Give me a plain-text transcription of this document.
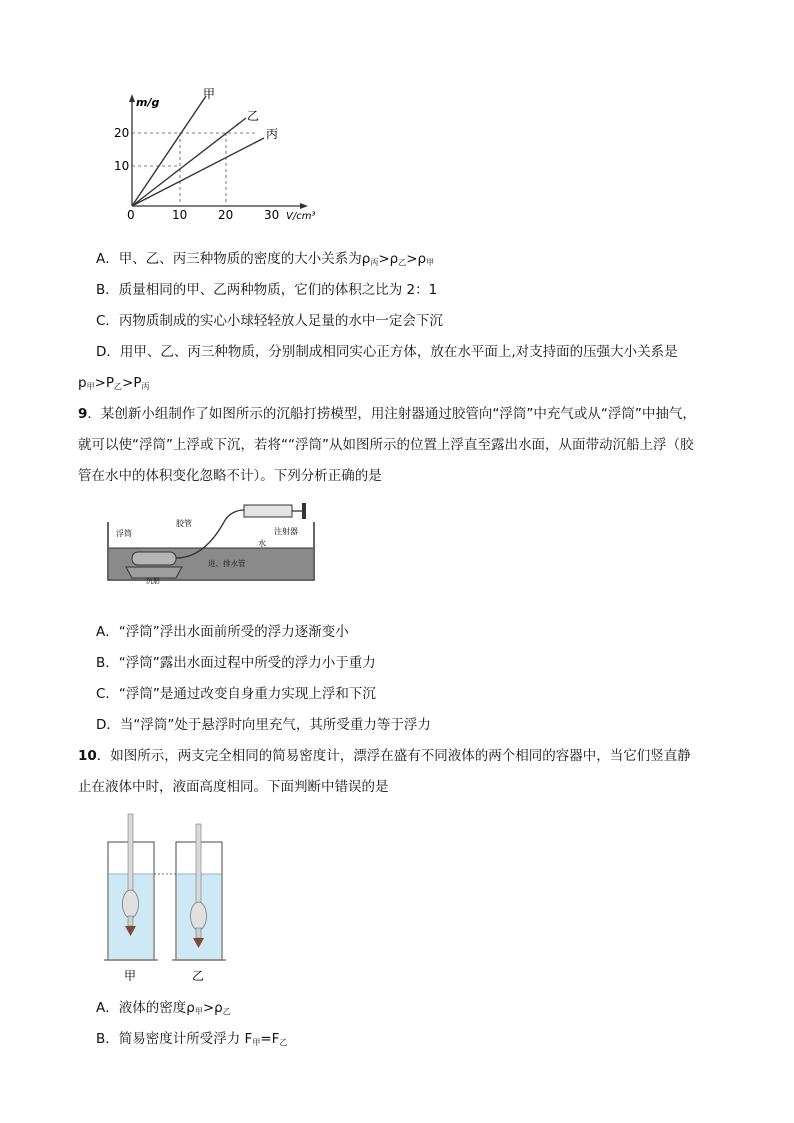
m/g
V/cm³
10
20
0	10	20	30
甲
乙
丙
A．甲、乙、丙三种物质的密度的大小关系为$\rho_丙>\rho_乙>\rho_甲$
B．质量相同的甲、乙两种物质，它们的体积之比为 2：1
C．丙物质制成的实心小球轻轻放人足量的水中一定会下沉
D．用甲、乙、丙三种物质，分别制成相同实心正方体，放在水平面上,对支持面的压强大小关系是
$p_甲>P_乙>P_丙$
9．某创新小组制作了如图所示的沉船打捞模型，用注射器通过胶管向“浮筒”中充气或从“浮筒”中抽气，
就可以使“浮筒”上浮或下沉，若将““浮筒”从如图所示的位置上浮直至露出水面，从面带动沉船上浮（胶
管在水中的体积变化忽略不计）。下列分析正确的是
浮筒
胶管
注射器
水
进、排水管
沉船
A．“浮筒”浮出水面前所受的浮力逐渐变小
B．“浮筒”露出水面过程中所受的浮力小于重力
C．“浮筒”是通过改变自身重力实现上浮和下沉
D．当“浮筒”处于悬浮时向里充气，其所受重力等于浮力
10．如图所示，两支完全相同的简易密度计，漂浮在盛有不同液体的两个相同的容器中，当它们竖直静
止在液体中时，液面高度相同。下面判断中错误的是
甲	乙
A．液体的密度$\rho_甲>\rho_乙$
B．简易密度计所受浮力 $F_甲=F_乙$
